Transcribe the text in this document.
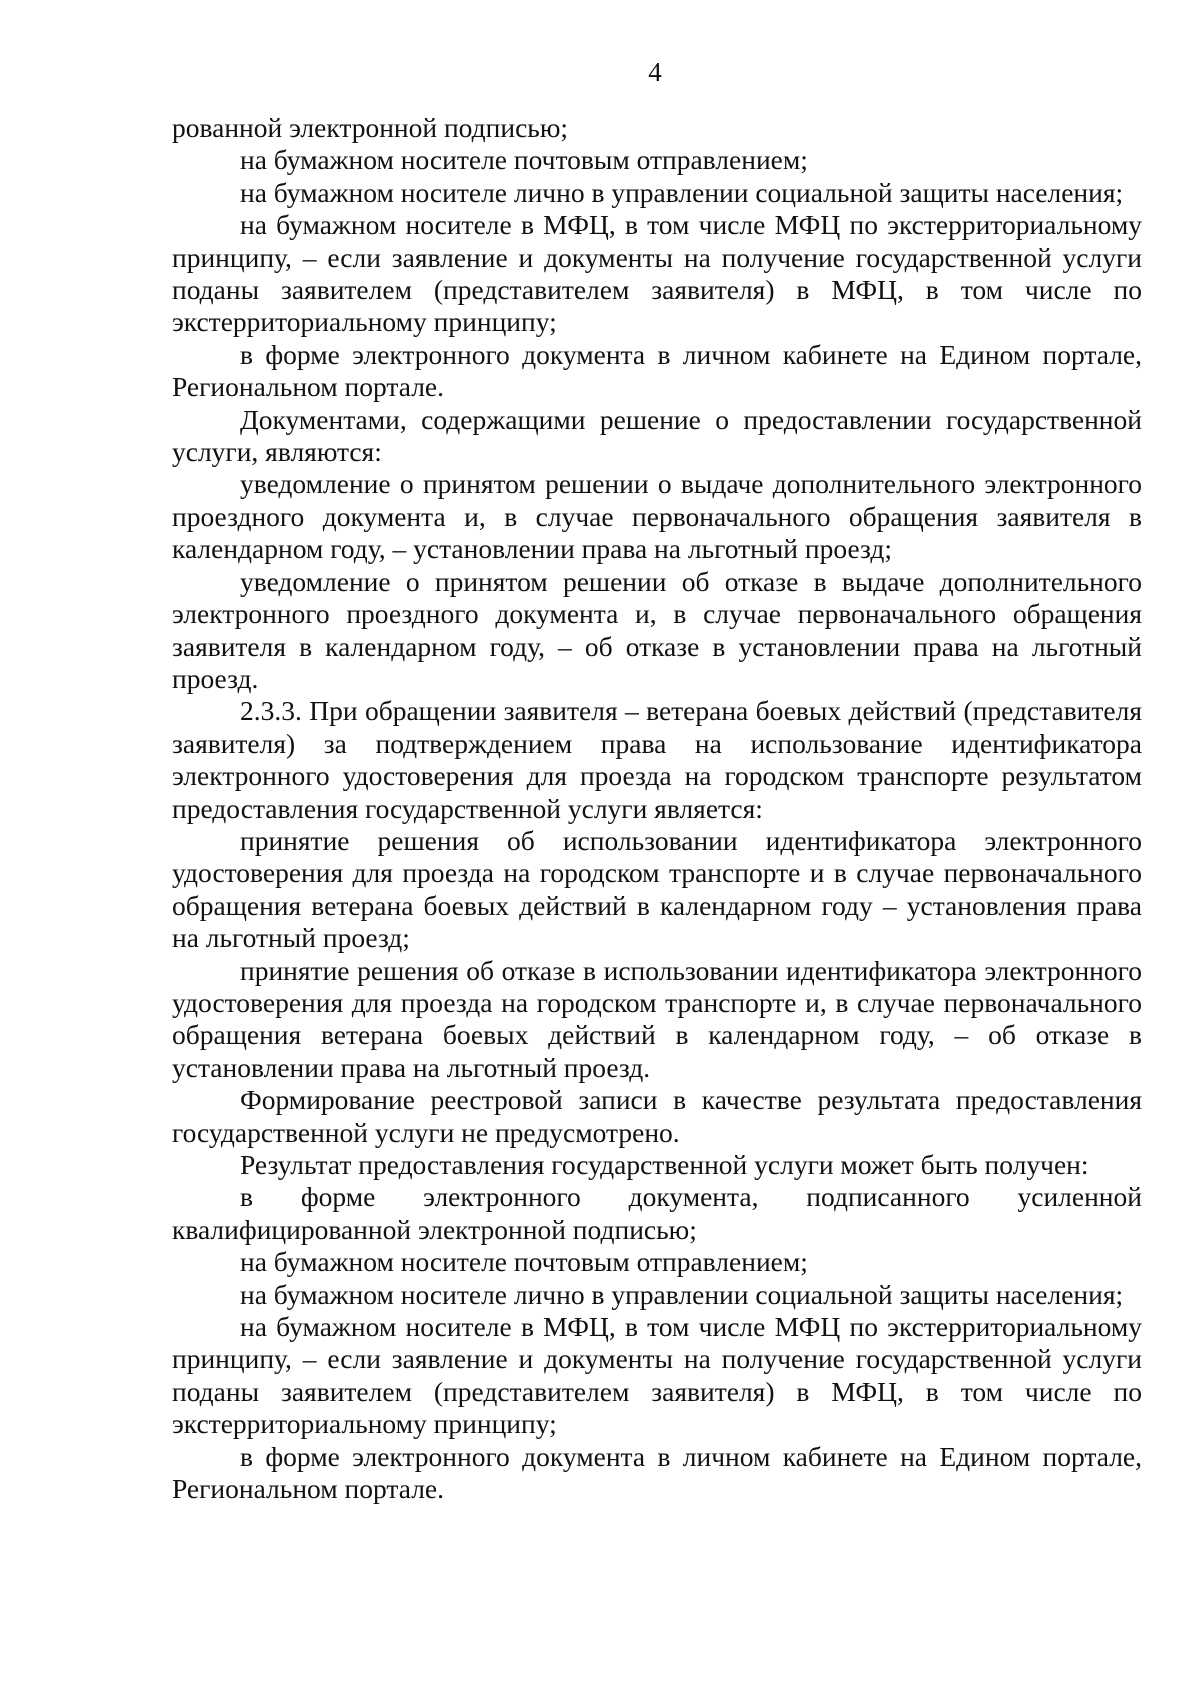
4

рованной электронной подписью;

на бумажном носителе почтовым отправлением;

на бумажном носителе лично в управлении социальной защиты населения;

на бумажном носителе в МФЦ, в том числе МФЦ по экстерриториальному принципу, – если заявление и документы на получение государственной услуги поданы заявителем (представителем заявителя) в МФЦ, в том числе по экстерриториальному принципу;

в форме электронного документа в личном кабинете на Едином портале, Региональном портале.

Документами, содержащими решение о предоставлении государственной услуги, являются:

уведомление о принятом решении о выдаче дополнительного электронного проездного документа и, в случае первоначального обращения заявителя в календарном году, – установлении права на льготный проезд;

уведомление о принятом решении об отказе в выдаче дополнительного электронного проездного документа и, в случае первоначального обращения заявителя в календарном году, – об отказе в установлении права на льготный проезд.

2.3.3. При обращении заявителя – ветерана боевых действий (представителя заявителя) за подтверждением права на использование идентификатора электронного удостоверения для проезда на городском транспорте результатом предоставления государственной услуги является:

принятие решения об использовании идентификатора электронного удостоверения для проезда на городском транспорте и в случае первоначального обращения ветерана боевых действий в календарном году – установления права на льготный проезд;

принятие решения об отказе в использовании идентификатора электронного удостоверения для проезда на городском транспорте и, в случае первоначального обращения ветерана боевых действий в календарном году, – об отказе в установлении права на льготный проезд.

Формирование реестровой записи в качестве результата предоставления государственной услуги не предусмотрено.

Результат предоставления государственной услуги может быть получен:

в форме электронного документа, подписанного усиленной квалифицированной электронной подписью;

на бумажном носителе почтовым отправлением;

на бумажном носителе лично в управлении социальной защиты населения;

на бумажном носителе в МФЦ, в том числе МФЦ по экстерриториальному принципу, – если заявление и документы на получение государственной услуги поданы заявителем (представителем заявителя) в МФЦ, в том числе по экстерриториальному принципу;

в форме электронного документа в личном кабинете на Едином портале, Региональном портале.
